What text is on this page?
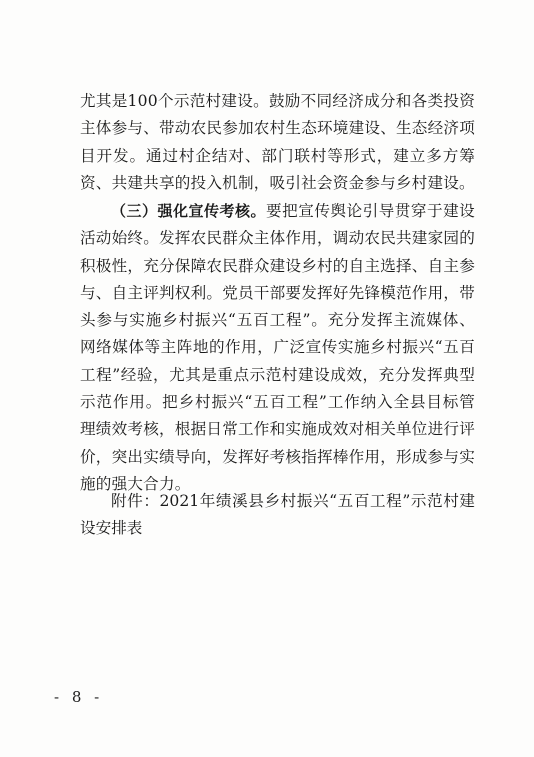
尤其是100个示范村建设。鼓励不同经济成分和各类投资主体参与、带动农民参加农村生态环境建设、生态经济项目开发。通过村企结对、部门联村等形式，建立多方筹资、共建共享的投入机制，吸引社会资金参与乡村建设。
（三）强化宣传考核。要把宣传舆论引导贯穿于建设活动始终。发挥农民群众主体作用，调动农民共建家园的积极性，充分保障农民群众建设乡村的自主选择、自主参与、自主评判权利。党员干部要发挥好先锋模范作用，带头参与实施乡村振兴“五百工程”。充分发挥主流媒体、网络媒体等主阵地的作用，广泛宣传实施乡村振兴“五百工程”经验，尤其是重点示范村建设成效，充分发挥典型示范作用。把乡村振兴“五百工程”工作纳入全县目标管理绩效考核，根据日常工作和实施成效对相关单位进行评价，突出实绩导向，发挥好考核指挥棒作用，形成参与实施的强大合力。
附件：2021年绩溪县乡村振兴“五百工程”示范村建设安排表
- 8 -
